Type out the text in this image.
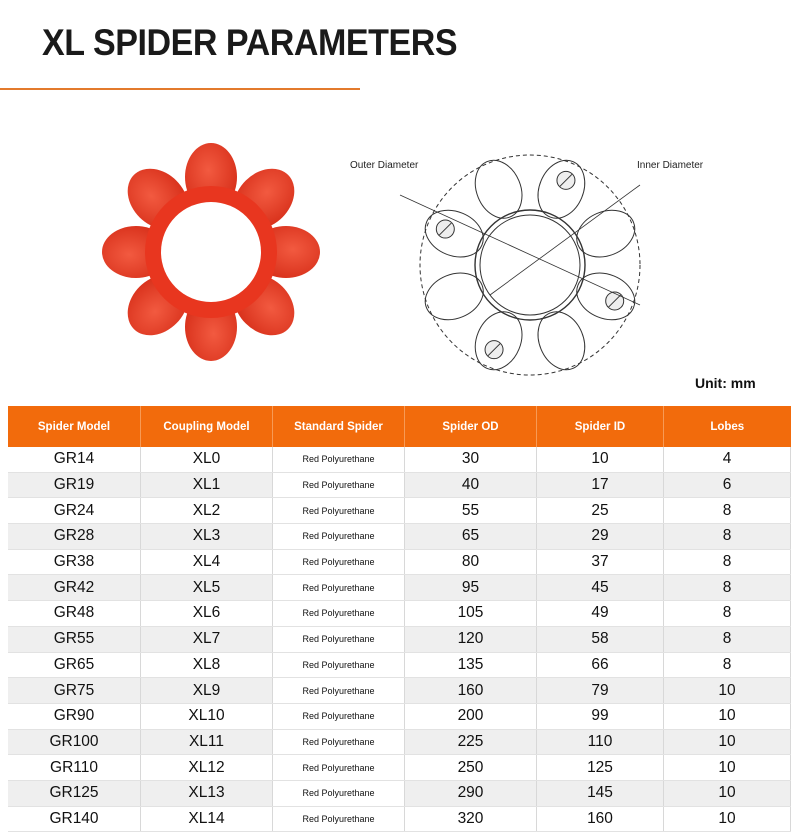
XL SPIDER PARAMETERS
Outer Diameter	Inner Diameter
Unit: mm
Spider Model	Coupling Model	Standard Spider	Spider OD	Spider ID	Lobes
GR14	XL0	Red Polyurethane	30	10	4
GR19	XL1	Red Polyurethane	40	17	6
GR24	XL2	Red Polyurethane	55	25	8
GR28	XL3	Red Polyurethane	65	29	8
GR38	XL4	Red Polyurethane	80	37	8
GR42	XL5	Red Polyurethane	95	45	8
GR48	XL6	Red Polyurethane	105	49	8
GR55	XL7	Red Polyurethane	120	58	8
GR65	XL8	Red Polyurethane	135	66	8
GR75	XL9	Red Polyurethane	160	79	10
GR90	XL10	Red Polyurethane	200	99	10
GR100	XL11	Red Polyurethane	225	110	10
GR110	XL12	Red Polyurethane	250	125	10
GR125	XL13	Red Polyurethane	290	145	10
GR140	XL14	Red Polyurethane	320	160	10
